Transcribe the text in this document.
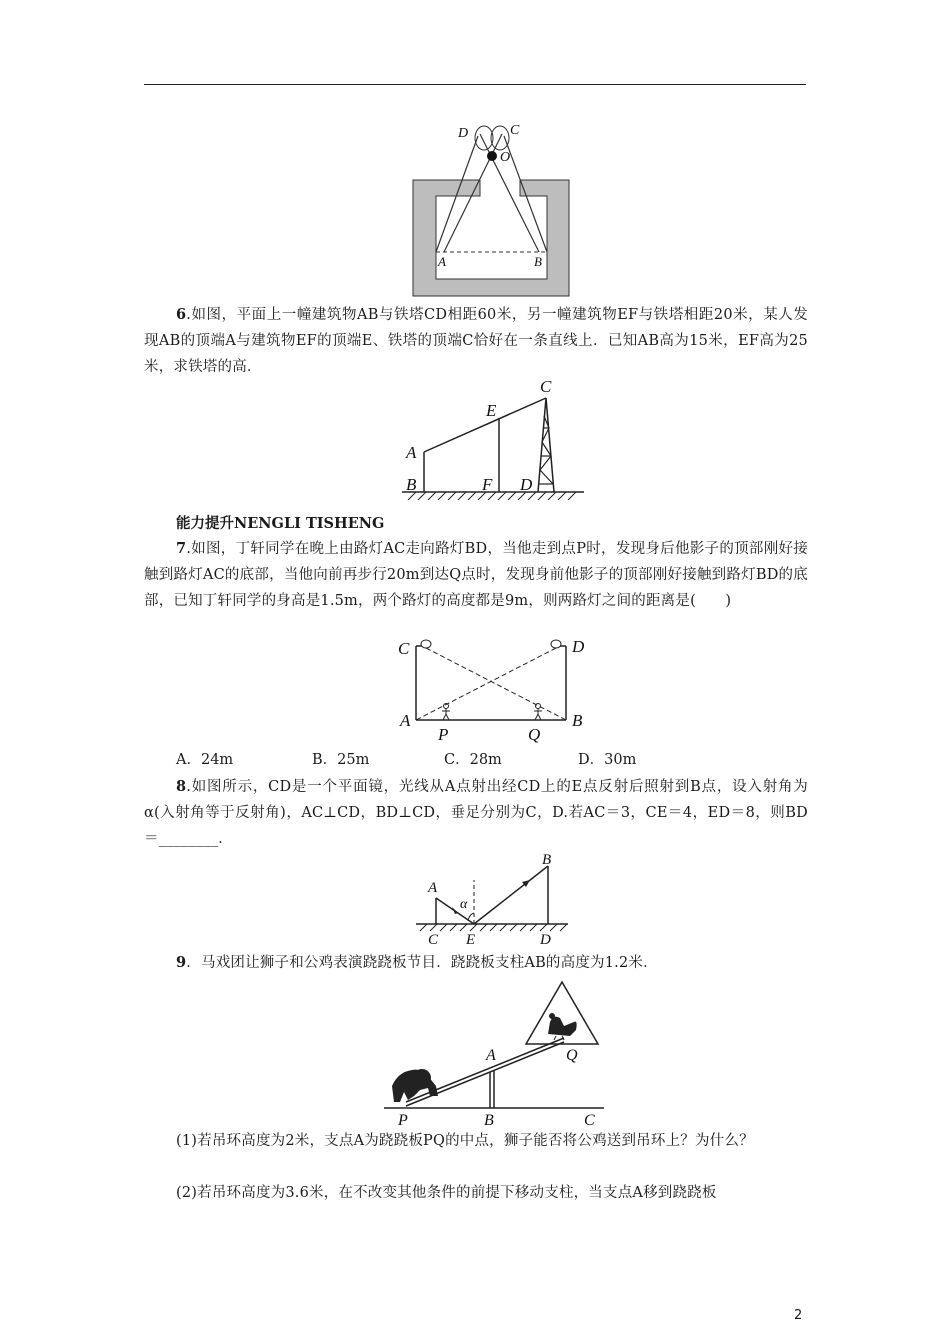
D	C
O
A	B
6.如图，平面上一幢建筑物AB与铁塔CD相距60米，另一幢建筑物EF与铁塔相距20米，某人发现AB的顶端A与建筑物EF的顶端E、铁塔的顶端C恰好在一条直线上．已知AB高为15米，EF高为25米，求铁塔的高．
C
E
A
B	F D
能力提升NENGLI TISHENG
7.如图，丁轩同学在晚上由路灯AC走向路灯BD，当他走到点P时，发现身后他影子的顶部刚好接触到路灯AC的底部，当他向前再步行20m到达Q点时，发现身前他影子的顶部刚好接触到路灯BD的底部，已知丁轩同学的身高是1.5m，两个路灯的高度都是9m，则两路灯之间的距离是(　　)
C	D
A	B
P	Q
A．24m	B．25m	C．28m	D．30m
8.如图所示，CD是一个平面镜，光线从A点射出经CD上的E点反射后照射到B点，设入射角为α(入射角等于反射角)，AC⊥CD，BD⊥CD，垂足分别为C，D.若AC＝3，CE＝4，ED＝8，则BD＝________．
A
B
α
C E	D
9．马戏团让狮子和公鸡表演跷跷板节目．跷跷板支柱AB的高度为1.2米．
A	Q
P	B	C
(1)若吊环高度为2米，支点A为跷跷板PQ的中点，狮子能否将公鸡送到吊环上？为什么？
(2)若吊环高度为3.6米，在不改变其他条件的前提下移动支柱，当支点A移到跷跷板
2
